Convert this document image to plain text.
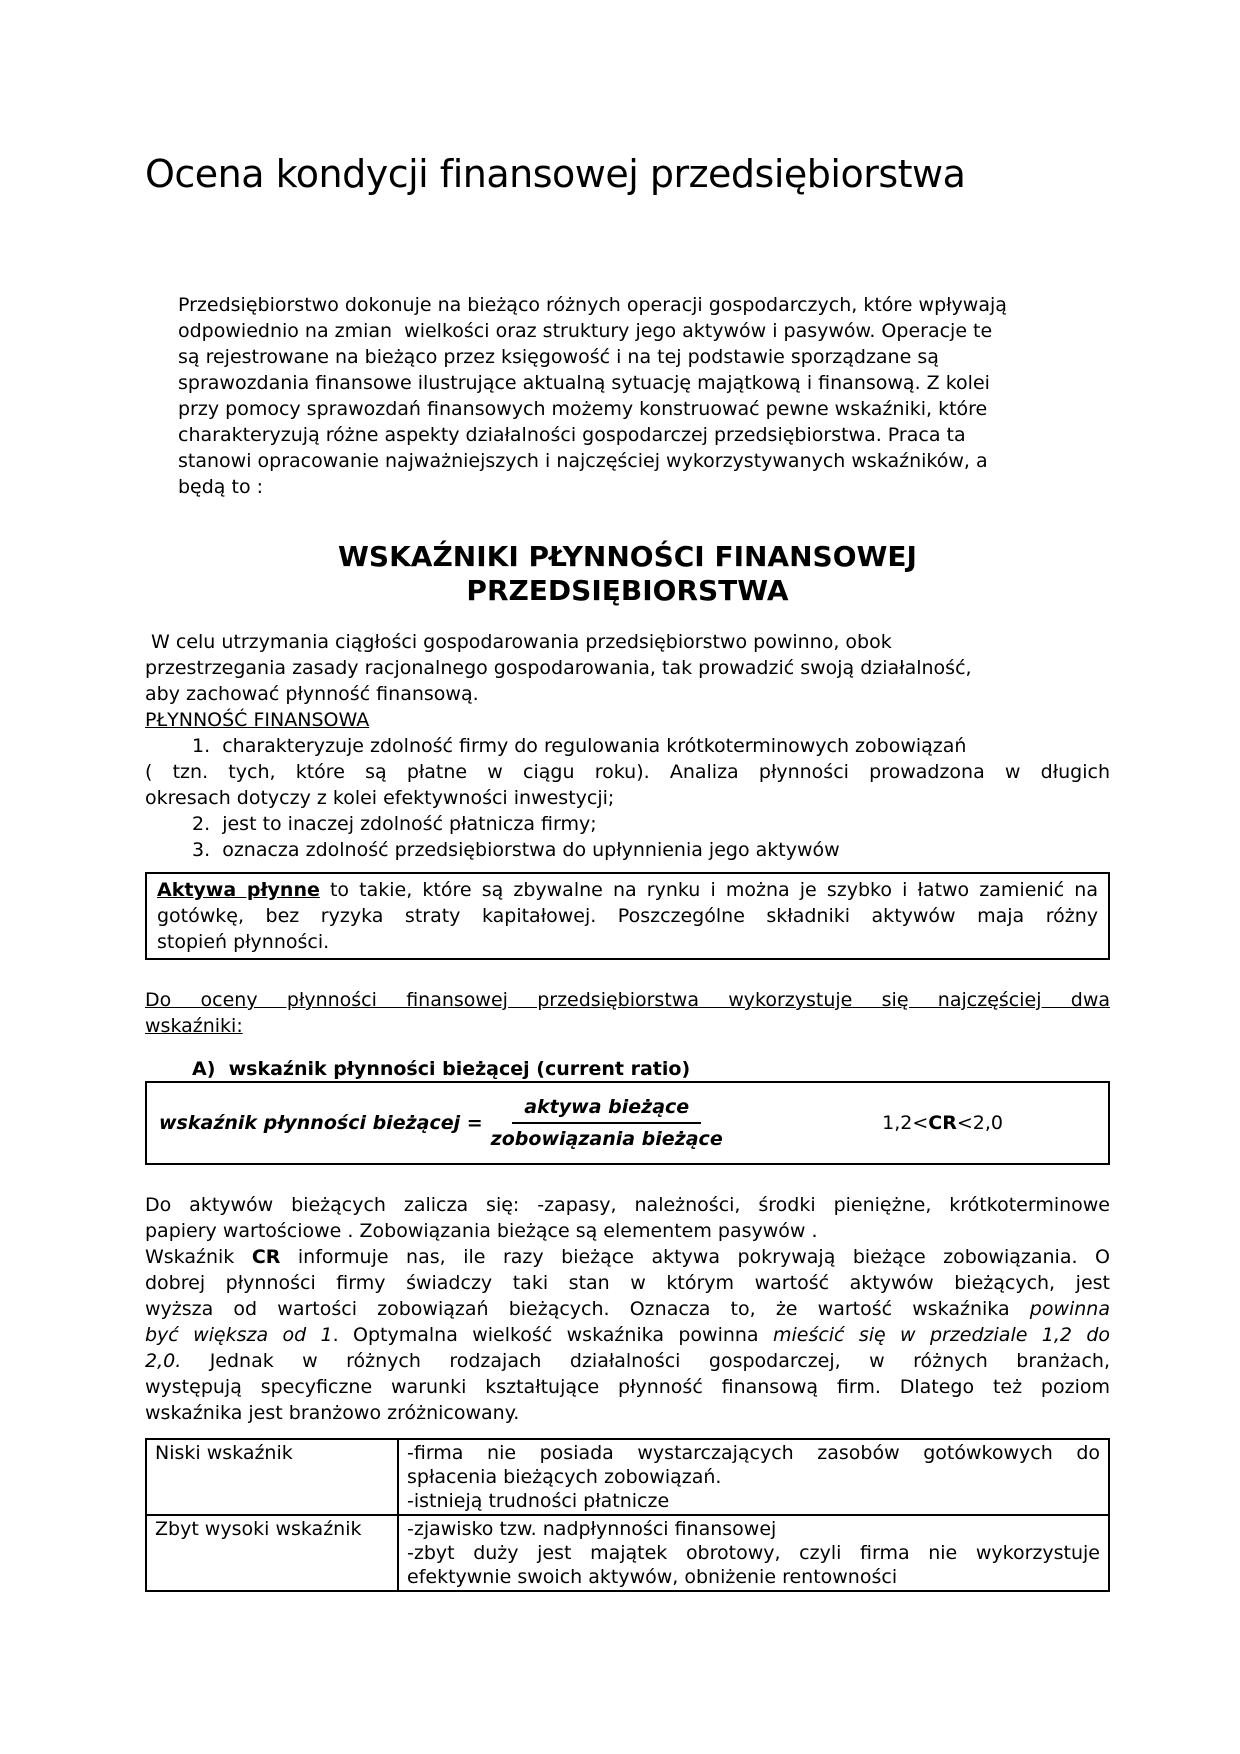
Ocena kondycji finansowej przedsiębiorstwa
Przedsiębiorstwo dokonuje na bieżąco różnych operacji gospodarczych, które wpływają
odpowiednio na zmian  wielkości oraz struktury jego aktywów i pasywów. Operacje te
są rejestrowane na bieżąco przez księgowość i na tej podstawie sporządzane są
sprawozdania finansowe ilustrujące aktualną sytuację majątkową i finansową. Z kolei
przy pomocy sprawozdań finansowych możemy konstruować pewne wskaźniki, które
charakteryzują różne aspekty działalności gospodarczej przedsiębiorstwa. Praca ta
stanowi opracowanie najważniejszych i najczęściej wykorzystywanych wskaźników, a
będą to :
WSKAŹNIKI PŁYNNOŚCI FINANSOWEJ
PRZEDSIĘBIORSTWA
W celu utrzymania ciągłości gospodarowania przedsiębiorstwo powinno, obok
przestrzegania zasady racjonalnego gospodarowania, tak prowadzić swoją działalność,
aby zachować płynność finansową.
PŁYNNOŚĆ FINANSOWA
1.  charakteryzuje zdolność firmy do regulowania krótkoterminowych zobowiązań
( tzn. tych, które są płatne w ciągu roku). Analiza płynności prowadzona w długich
okresach dotyczy z kolei efektywności inwestycji;
2.  jest to inaczej zdolność płatnicza firmy;
3.  oznacza zdolność przedsiębiorstwa do upłynnienia jego aktywów
Aktywa płynne to takie, które są zbywalne na rynku i można je szybko i łatwo zamienić na
gotówkę, bez ryzyka straty kapitałowej. Poszczególne składniki aktywów maja różny
stopień płynności.
Do oceny płynności finansowej przedsiębiorstwa wykorzystuje się najczęściej dwa
wskaźniki:
A)  wskaźnik płynności bieżącej (current ratio)
wskaźnik płynności bieżącej = $\frac{\text{aktywa bieżące}}{\text{zobowiązania bieżące}}$	1,2<CR<2,0
Do aktywów bieżących zalicza się: -zapasy, należności, środki pieniężne, krótkoterminowe
papiery wartościowe . Zobowiązania bieżące są elementem pasywów .
Wskaźnik CR informuje nas, ile razy bieżące aktywa pokrywają bieżące zobowiązania. O
dobrej płynności firmy świadczy taki stan w którym wartość aktywów bieżących, jest
wyższa od wartości zobowiązań bieżących. Oznacza to, że wartość wskaźnika powinna
być większa od 1. Optymalna wielkość wskaźnika powinna mieścić się w przedziale 1,2 do
2,0. Jednak w różnych rodzajach działalności gospodarczej, w różnych branżach,
występują specyficzne warunki kształtujące płynność finansową firm. Dlatego też poziom
wskaźnika jest branżowo zróżnicowany.
Niski wskaźnik	-firma nie posiada wystarczających zasobów gotówkowych do
spłacenia bieżących zobowiązań.
-istnieją trudności płatnicze

Zbyt wysoki wskaźnik	-zjawisko tzw. nadpłynności finansowej
-zbyt duży jest majątek obrotowy, czyli firma nie wykorzystuje
efektywnie swoich aktywów, obniżenie rentowności
